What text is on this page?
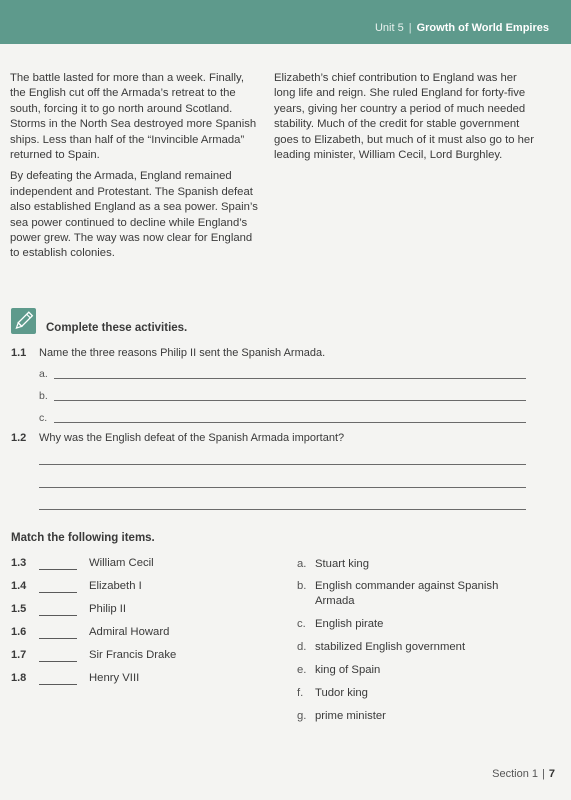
Unit 5 | Growth of World Empires

The battle lasted for more than a week. Finally, the English cut off the Armada’s retreat to the south, forcing it to go north around Scotland. Storms in the North Sea destroyed more Spanish ships. Less than half of the “Invincible Armada” returned to Spain.

By defeating the Armada, England remained independent and Protestant. The Spanish defeat also established England as a sea power. Spain’s sea power continued to decline while England’s power grew. The way was now clear for England to establish colonies.

Elizabeth’s chief contribution to England was her long life and reign. She ruled England for forty-five years, giving her country a period of much needed stability. Much of the credit for stable government goes to Elizabeth, but much of it must also go to her leading minister, William Cecil, Lord Burghley.

Complete these activities.
1.1 Name the three reasons Philip II sent the Spanish Armada.
a.
b.
c.
1.2 Why was the English defeat of the Spanish Armada important?
Match the following items.
1.3	William Cecil
1.4	Elizabeth I
1.5	Philip II
1.6	Admiral Howard
1.7	Sir Francis Drake
1.8	Henry VIII
a. Stuart king
b. English commander against Spanish Armada
c. English pirate
d. stabilized English government
e. king of Spain
f. Tudor king
g. prime minister
Section 1 | 7
